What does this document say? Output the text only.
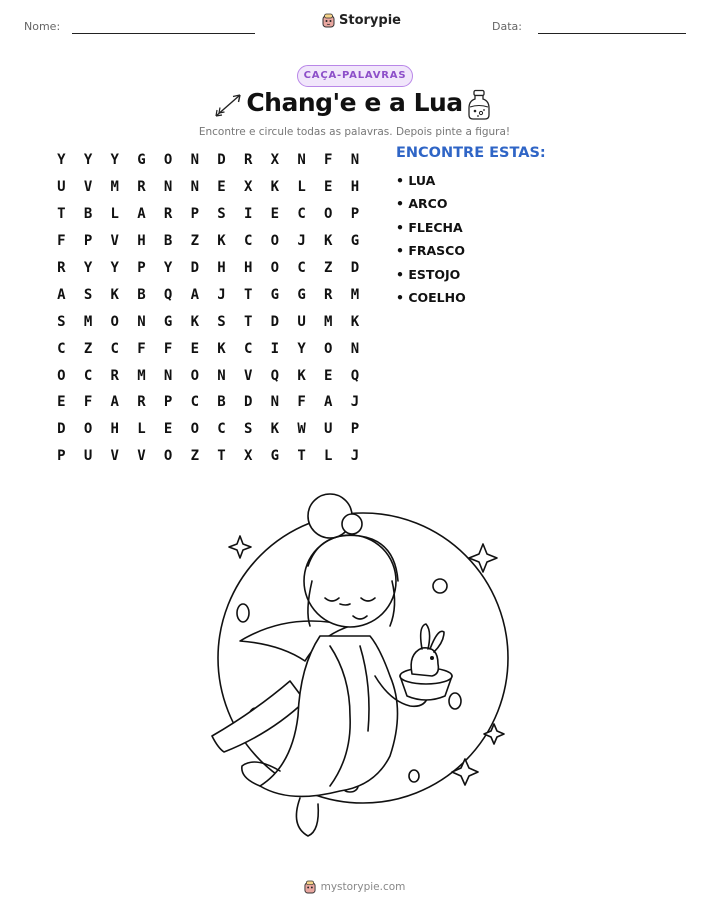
Nome:	Storypie	Data:
CAÇA-PALAVRAS
Chang'e e a Lua
Encontre e circule todas as palavras. Depois pinte a figura!
Y	Y	Y	G	O	N	D	R	X	N	F	N
U	V	M	R	N	N	E	X	K	L	E	H
T	B	L	A	R	P	S	I	E	C	O	P
F	P	V	H	B	Z	K	C	O	J	K	G
R	Y	Y	P	Y	D	H	H	O	C	Z	D
A	S	K	B	Q	A	J	T	G	G	R	M
S	M	O	N	G	K	S	T	D	U	M	K
C	Z	C	F	F	E	K	C	I	Y	O	N
O	C	R	M	N	O	N	V	Q	K	E	Q
E	F	A	R	P	C	B	D	N	F	A	J
D	O	H	L	E	O	C	S	K	W	U	P
P	U	V	V	O	Z	T	X	G	T	L	J
ENCONTRE ESTAS:
• LUA
• ARCO
• FLECHA
• FRASCO
• ESTOJO
• COELHO
mystorypie.com
